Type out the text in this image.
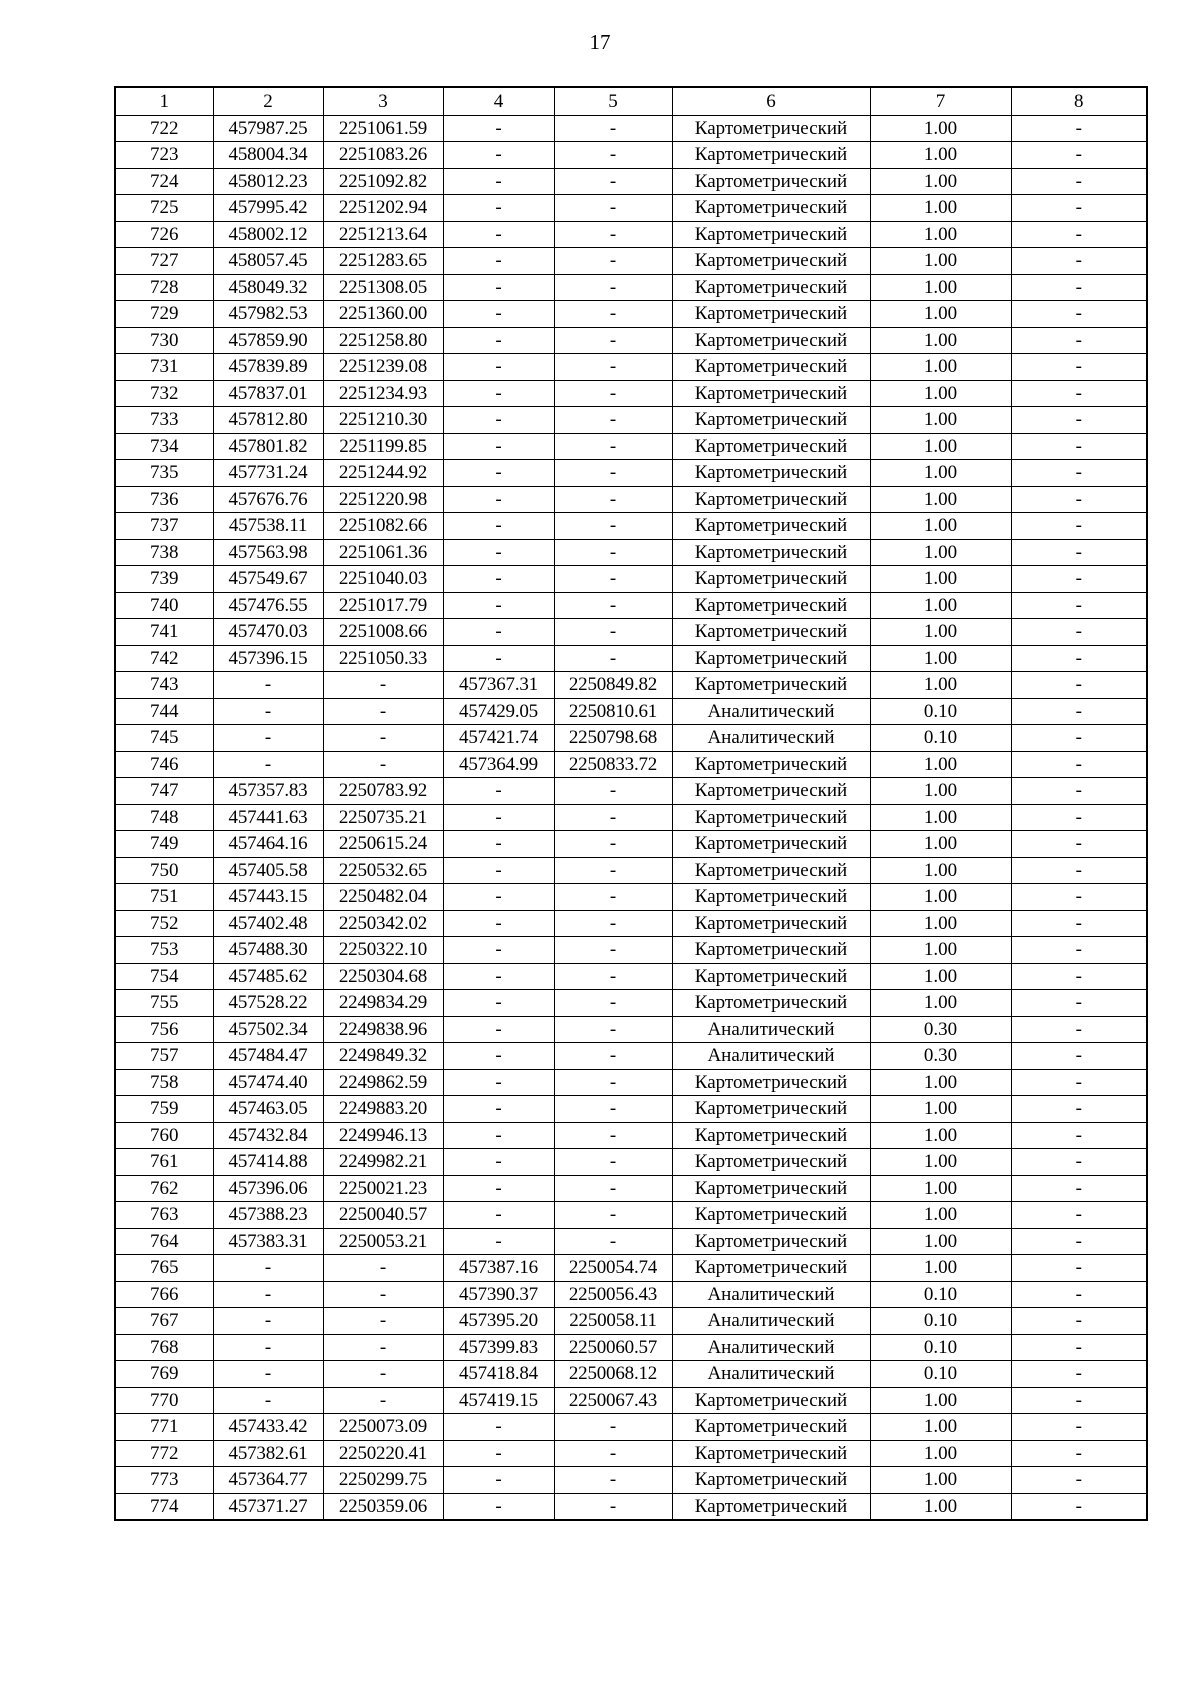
17
1	2	3	4	5	6	7	8
722	457987.25	2251061.59	-	-	Картометрический	1.00	-
723	458004.34	2251083.26	-	-	Картометрический	1.00	-
724	458012.23	2251092.82	-	-	Картометрический	1.00	-
725	457995.42	2251202.94	-	-	Картометрический	1.00	-
726	458002.12	2251213.64	-	-	Картометрический	1.00	-
727	458057.45	2251283.65	-	-	Картометрический	1.00	-
728	458049.32	2251308.05	-	-	Картометрический	1.00	-
729	457982.53	2251360.00	-	-	Картометрический	1.00	-
730	457859.90	2251258.80	-	-	Картометрический	1.00	-
731	457839.89	2251239.08	-	-	Картометрический	1.00	-
732	457837.01	2251234.93	-	-	Картометрический	1.00	-
733	457812.80	2251210.30	-	-	Картометрический	1.00	-
734	457801.82	2251199.85	-	-	Картометрический	1.00	-
735	457731.24	2251244.92	-	-	Картометрический	1.00	-
736	457676.76	2251220.98	-	-	Картометрический	1.00	-
737	457538.11	2251082.66	-	-	Картометрический	1.00	-
738	457563.98	2251061.36	-	-	Картометрический	1.00	-
739	457549.67	2251040.03	-	-	Картометрический	1.00	-
740	457476.55	2251017.79	-	-	Картометрический	1.00	-
741	457470.03	2251008.66	-	-	Картометрический	1.00	-
742	457396.15	2251050.33	-	-	Картометрический	1.00	-
743	-	-	457367.31	2250849.82	Картометрический	1.00	-
744	-	-	457429.05	2250810.61	Аналитический	0.10	-
745	-	-	457421.74	2250798.68	Аналитический	0.10	-
746	-	-	457364.99	2250833.72	Картометрический	1.00	-
747	457357.83	2250783.92	-	-	Картометрический	1.00	-
748	457441.63	2250735.21	-	-	Картометрический	1.00	-
749	457464.16	2250615.24	-	-	Картометрический	1.00	-
750	457405.58	2250532.65	-	-	Картометрический	1.00	-
751	457443.15	2250482.04	-	-	Картометрический	1.00	-
752	457402.48	2250342.02	-	-	Картометрический	1.00	-
753	457488.30	2250322.10	-	-	Картометрический	1.00	-
754	457485.62	2250304.68	-	-	Картометрический	1.00	-
755	457528.22	2249834.29	-	-	Картометрический	1.00	-
756	457502.34	2249838.96	-	-	Аналитический	0.30	-
757	457484.47	2249849.32	-	-	Аналитический	0.30	-
758	457474.40	2249862.59	-	-	Картометрический	1.00	-
759	457463.05	2249883.20	-	-	Картометрический	1.00	-
760	457432.84	2249946.13	-	-	Картометрический	1.00	-
761	457414.88	2249982.21	-	-	Картометрический	1.00	-
762	457396.06	2250021.23	-	-	Картометрический	1.00	-
763	457388.23	2250040.57	-	-	Картометрический	1.00	-
764	457383.31	2250053.21	-	-	Картометрический	1.00	-
765	-	-	457387.16	2250054.74	Картометрический	1.00	-
766	-	-	457390.37	2250056.43	Аналитический	0.10	-
767	-	-	457395.20	2250058.11	Аналитический	0.10	-
768	-	-	457399.83	2250060.57	Аналитический	0.10	-
769	-	-	457418.84	2250068.12	Аналитический	0.10	-
770	-	-	457419.15	2250067.43	Картометрический	1.00	-
771	457433.42	2250073.09	-	-	Картометрический	1.00	-
772	457382.61	2250220.41	-	-	Картометрический	1.00	-
773	457364.77	2250299.75	-	-	Картометрический	1.00	-
774	457371.27	2250359.06	-	-	Картометрический	1.00	-
